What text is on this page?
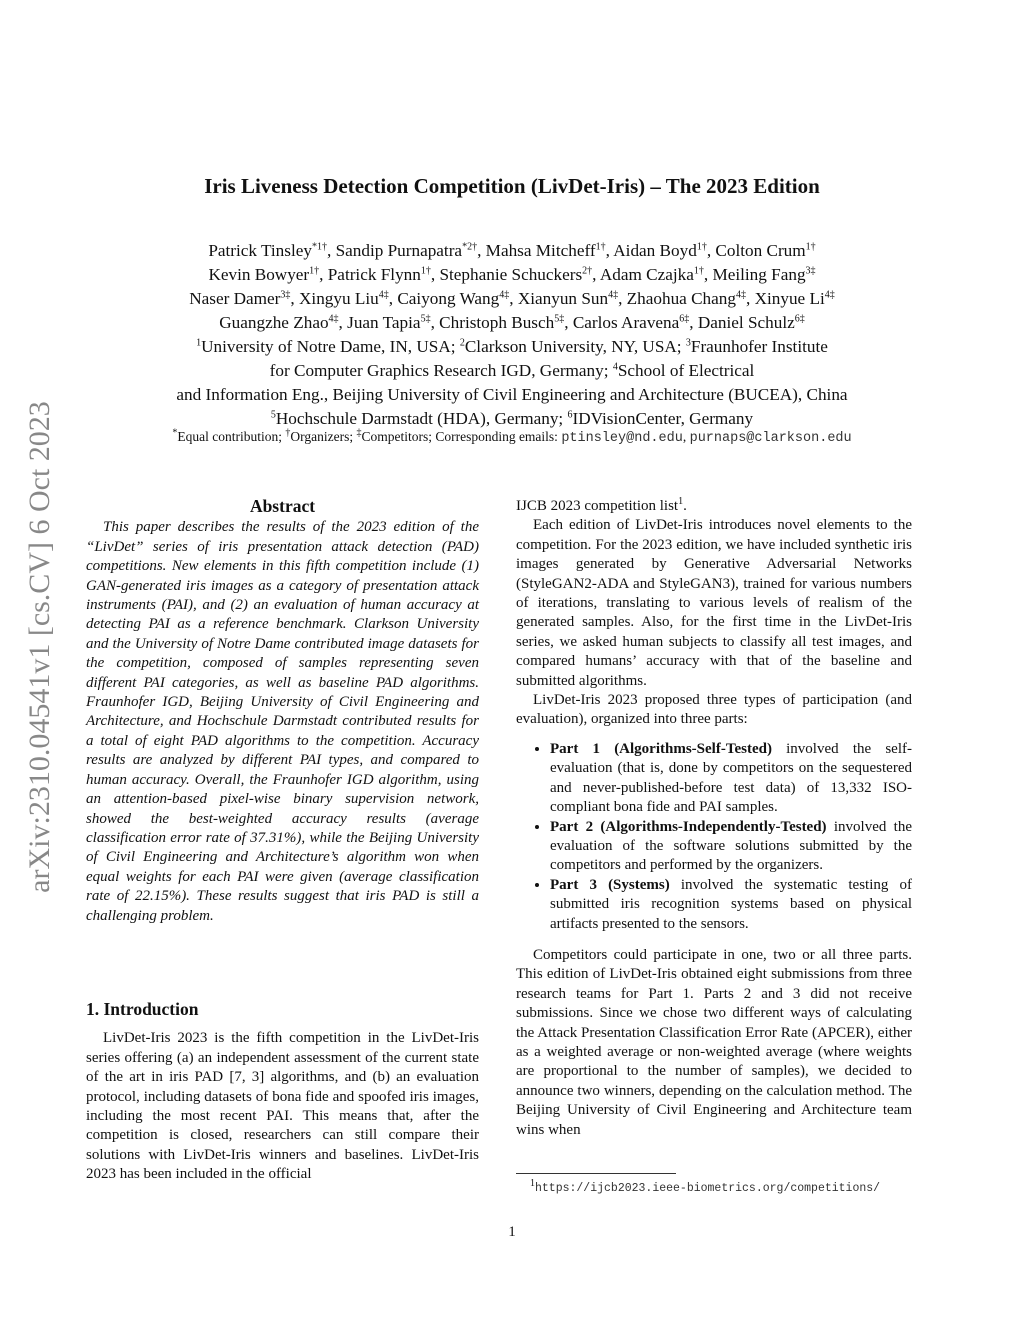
arXiv:2310.04541v1 [cs.CV] 6 Oct 2023
Iris Liveness Detection Competition (LivDet-Iris) – The 2023 Edition
Patrick Tinsley$^{*1\dagger}$, Sandip Purnapatra$^{*2\dagger}$, Mahsa Mitcheff$^{1\dagger}$, Aidan Boyd$^{1\dagger}$, Colton Crum$^{1\dagger}$
Kevin Bowyer$^{1\dagger}$, Patrick Flynn$^{1\dagger}$, Stephanie Schuckers$^{2\dagger}$, Adam Czajka$^{1\dagger}$, Meiling Fang$^{3\ddagger}$
Naser Damer$^{3\ddagger}$, Xingyu Liu$^{4\ddagger}$, Caiyong Wang$^{4\ddagger}$, Xianyun Sun$^{4\ddagger}$, Zhaohua Chang$^{4\ddagger}$, Xinyue $Li^{4\ddagger}$
Guangzhe Zhao$^{4\ddagger}$, Juan Tapia$^{5\ddagger}$, Christoph Busch$^{5\ddagger}$, Carlos Aravena$^{6\ddagger}$, Daniel Schulz$^{6\ddagger}$
$^1$University of Notre Dame, IN, USA; $^2$Clarkson University, NY, USA; $^3$Fraunhofer Institute
for Computer Graphics Research IGD, Germany; $^4$School of Electrical
and Information Eng., Beijing University of Civil Engineering and Architecture (BUCEA), China
$^5$Hochschule Darmstadt (HDA), Germany; $^6$IDVisionCenter, Germany
*Equal contribution; †Organizers; ‡Competitors; Corresponding emails: ptinsley@nd.edu, purnaps@clarkson.edu
Abstract

This paper describes the results of the 2023 edition of the “LivDet” series of iris presentation attack detection (PAD) competitions. New elements in this fifth competition include (1) GAN-generated iris images as a category of presentation attack instruments (PAI), and (2) an evaluation of human accuracy at detecting PAI as a reference benchmark. Clarkson University and the University of Notre Dame contributed image datasets for the competition, composed of samples representing seven different PAI categories, as well as baseline PAD algorithms. Fraunhofer IGD, Beijing University of Civil Engineering and Architecture, and Hochschule Darmstadt contributed results for a total of eight PAD algorithms to the competition. Accuracy results are analyzed by different PAI types, and compared to human accuracy. Overall, the Fraunhofer IGD algorithm, using an attention-based pixel-wise binary supervision network, showed the best-weighted accuracy results (average classification error rate of 37.31%), while the Beijing University of Civil Engineering and Architecture’s algorithm won when equal weights for each PAI were given (average classification rate of 22.15%). These results suggest that iris PAD is still a challenging problem.

1. Introduction

LivDet-Iris 2023 is the fifth competition in the LivDet-Iris series offering (a) an independent assessment of the current state of the art in iris PAD [7, 3] algorithms, and (b) an evaluation protocol, including datasets of bona fide and spoofed iris images, including the most recent PAI. This means that, after the competition is closed, researchers can still compare their solutions with LivDet-Iris winners and baselines. LivDet-Iris 2023 has been included in the official

IJCB 2023 competition list$^1$.

Each edition of LivDet-Iris introduces novel elements to the competition. For the 2023 edition, we have included synthetic iris images generated by Generative Adversarial Networks (StyleGAN2-ADA and StyleGAN3), trained for various numbers of iterations, translating to various levels of realism of the generated samples. Also, for the first time in the LivDet-Iris series, we asked human subjects to classify all test images, and compared humans’ accuracy with that of the baseline and submitted algorithms.

LivDet-Iris 2023 proposed three types of participation (and evaluation), organized into three parts:

• Part 1 (Algorithms-Self-Tested) involved the self-evaluation (that is, done by competitors on the sequestered and never-published-before test data) of 13,332 ISO-compliant bona fide and PAI samples.
• Part 2 (Algorithms-Independently-Tested) involved the evaluation of the software solutions submitted by the competitors and performed by the organizers.
• Part 3 (Systems) involved the systematic testing of submitted iris recognition systems based on physical artifacts presented to the sensors.

Competitors could participate in one, two or all three parts. This edition of LivDet-Iris obtained eight submissions from three research teams for Part 1. Parts 2 and 3 did not receive submissions. Since we chose two different ways of calculating the Attack Presentation Classification Error Rate (APCER), either as a weighted average or non-weighted average (where weights are proportional to the number of samples), we decided to announce two winners, depending on the calculation method. The Beijing University of Civil Engineering and Architecture team wins when

$^1$https://ijcb2023.ieee-biometrics.org/competitions/
1
